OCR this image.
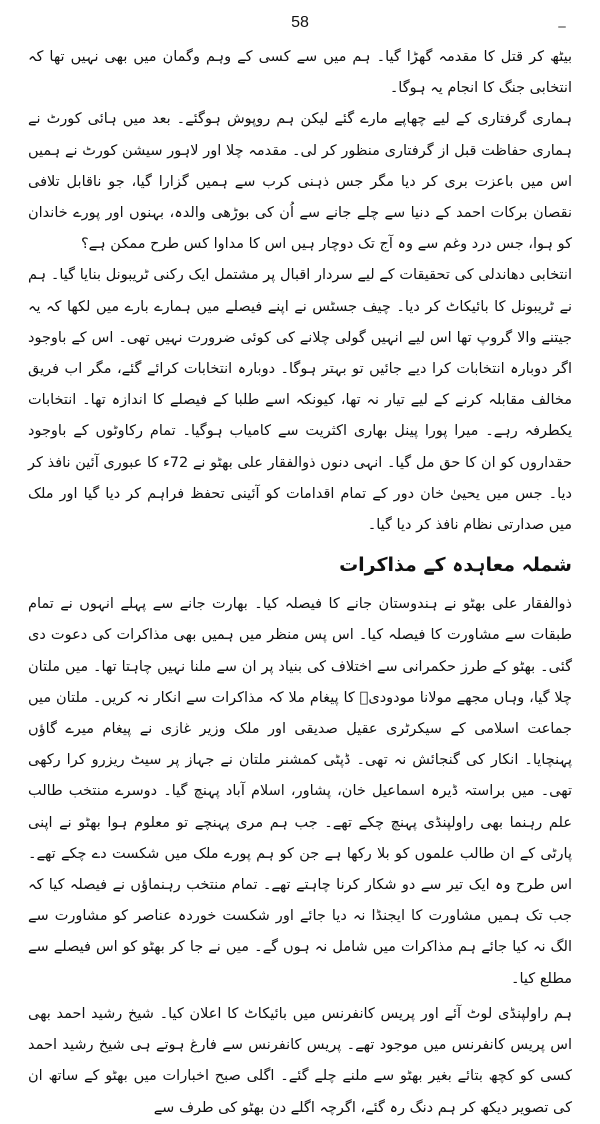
58

بیٹھ کر قتل کا مقدمہ گھڑا گیا۔ ہم میں سے کسی کے وہم وگمان میں بھی نہیں تھا کہ انتخابی جنگ کا انجام یہ ہوگا۔

ہماری گرفتاری کے لیے چھاپے مارے گئے لیکن ہم روپوش ہوگئے۔ بعد میں ہائی کورٹ نے ہماری حفاظت قبل از گرفتاری منظور کر لی۔ مقدمہ چلا اور لاہور سیشن کورٹ نے ہمیں اس میں باعزت بری کر دیا مگر جس ذہنی کرب سے ہمیں گزارا گیا، جو ناقابل تلافی نقصان برکات احمد کے دنیا سے چلے جانے سے اُن کی بوڑھی والدہ، بہنوں اور پورے خاندان کو ہوا، جس درد وغم سے وہ آج تک دوچار ہیں اس کا مداوا کس طرح ممکن ہے؟

انتخابی دھاندلی کی تحقیقات کے لیے سردار اقبال پر مشتمل ایک رکنی ٹریبونل بنایا گیا۔ ہم نے ٹریبونل کا بائیکاٹ کر دیا۔ چیف جسٹس نے اپنے فیصلے میں ہمارے بارے میں لکھا کہ یہ جیتنے والا گروپ تھا اس لیے انہیں گولی چلانے کی کوئی ضرورت نہیں تھی۔ اس کے باوجود اگر دوبارہ انتخابات کرا دیے جائیں تو بہتر ہوگا۔ دوبارہ انتخابات کرائے گئے، مگر اب فریق مخالف مقابلہ کرنے کے لیے تیار نہ تھا، کیونکہ اسے طلبا کے فیصلے کا اندازہ تھا۔ انتخابات یکطرفہ رہے۔ میرا پورا پینل بھاری اکثریت سے کامیاب ہوگیا۔ تمام رکاوٹوں کے باوجود حقداروں کو ان کا حق مل گیا۔ انہی دنوں ذوالفقار علی بھٹو نے 72ء کا عبوری آئین نافذ کر دیا۔ جس میں یحییٰ خان دور کے تمام اقدامات کو آئینی تحفظ فراہم کر دیا گیا اور ملک میں صدارتی نظام نافذ کر دیا گیا۔

شملہ معاہدہ کے مذاکرات

ذوالفقار علی بھٹو نے ہندوستان جانے کا فیصلہ کیا۔ بھارت جانے سے پہلے انہوں نے تمام طبقات سے مشاورت کا فیصلہ کیا۔ اس پس منظر میں ہمیں بھی مذاکرات کی دعوت دی گئی۔ بھٹو کے طرز حکمرانی سے اختلاف کی بنیاد پر ان سے ملنا نہیں چاہتا تھا۔ میں ملتان چلا گیا، وہاں مجھے مولانا مودودیؒ کا پیغام ملا کہ مذاکرات سے انکار نہ کریں۔ ملتان میں جماعت اسلامی کے سیکرٹری عقیل صدیقی اور ملک وزیر غازی نے پیغام میرے گاؤں پہنچایا۔ انکار کی گنجائش نہ تھی۔ ڈپٹی کمشنر ملتان نے جہاز پر سیٹ ریزرو کرا رکھی تھی۔ میں براستہ ڈیرہ اسماعیل خان، پشاور، اسلام آباد پہنچ گیا۔ دوسرے منتخب طالب علم رہنما بھی راولپنڈی پہنچ چکے تھے۔ جب ہم مری پہنچے تو معلوم ہوا بھٹو نے اپنی پارٹی کے ان طالب علموں کو بلا رکھا ہے جن کو ہم پورے ملک میں شکست دے چکے تھے۔ اس طرح وہ ایک تیر سے دو شکار کرنا چاہتے تھے۔ تمام منتخب رہنماؤں نے فیصلہ کیا کہ جب تک ہمیں مشاورت کا ایجنڈا نہ دیا جائے اور شکست خوردہ عناصر کو مشاورت سے الگ نہ کیا جائے ہم مذاکرات میں شامل نہ ہوں گے۔ میں نے جا کر بھٹو کو اس فیصلے سے مطلع کیا۔

ہم راولپنڈی لوٹ آئے اور پریس کانفرنس میں بائیکاٹ کا اعلان کیا۔ شیخ رشید احمد بھی اس پریس کانفرنس میں موجود تھے۔ پریس کانفرنس سے فارغ ہوتے ہی شیخ رشید احمد کسی کو کچھ بتائے بغیر بھٹو سے ملنے چلے گئے۔ اگلی صبح اخبارات میں بھٹو کے ساتھ ان کی تصویر دیکھ کر ہم دنگ رہ گئے، اگرچہ اگلے دن بھٹو کی طرف سے
